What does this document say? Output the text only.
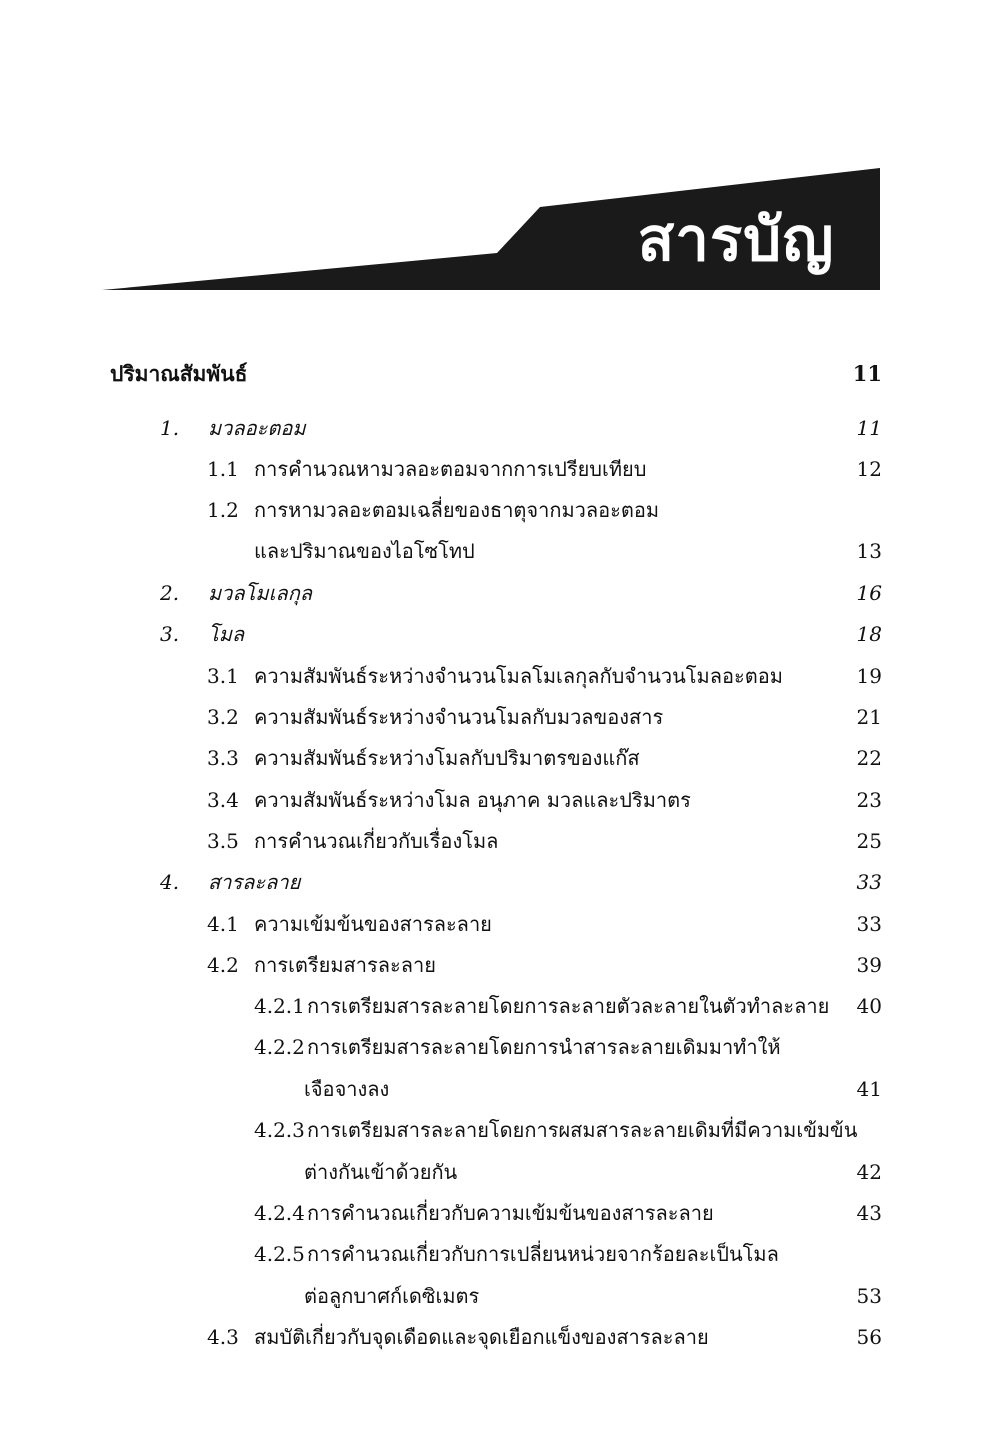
สารบัญ
ปริมาณสัมพันธ์	11
1. มวลอะตอม	11
1.1 การคำนวณหามวลอะตอมจากการเปรียบเทียบ	12
1.2 การหามวลอะตอมเฉลี่ยของธาตุจากมวลอะตอม
และปริมาณของไอโซโทป	13
2. มวลโมเลกุล	16
3. โมล	18
3.1 ความสัมพันธ์ระหว่างจำนวนโมลโมเลกุลกับจำนวนโมลอะตอม	19
3.2 ความสัมพันธ์ระหว่างจำนวนโมลกับมวลของสาร	21
3.3 ความสัมพันธ์ระหว่างโมลกับปริมาตรของแก๊ส	22
3.4 ความสัมพันธ์ระหว่างโมล อนุภาค มวลและปริมาตร	23
3.5 การคำนวณเกี่ยวกับเรื่องโมล	25
4. สารละลาย	33
4.1 ความเข้มข้นของสารละลาย	33
4.2 การเตรียมสารละลาย	39
4.2.1 การเตรียมสารละลายโดยการละลายตัวละลายในตัวทำละลาย 40
4.2.2 การเตรียมสารละลายโดยการนำสารละลายเดิมมาทำให้
เจือจางลง	41
4.2.3 การเตรียมสารละลายโดยการผสมสารละลายเดิมที่มีความเข้มข้น
ต่างกันเข้าด้วยกัน	42
4.2.4 การคำนวณเกี่ยวกับความเข้มข้นของสารละลาย	43
4.2.5 การคำนวณเกี่ยวกับการเปลี่ยนหน่วยจากร้อยละเป็นโมล
ต่อลูกบาศก์เดซิเมตร	53
4.3 สมบัติเกี่ยวกับจุดเดือดและจุดเยือกแข็งของสารละลาย	56
